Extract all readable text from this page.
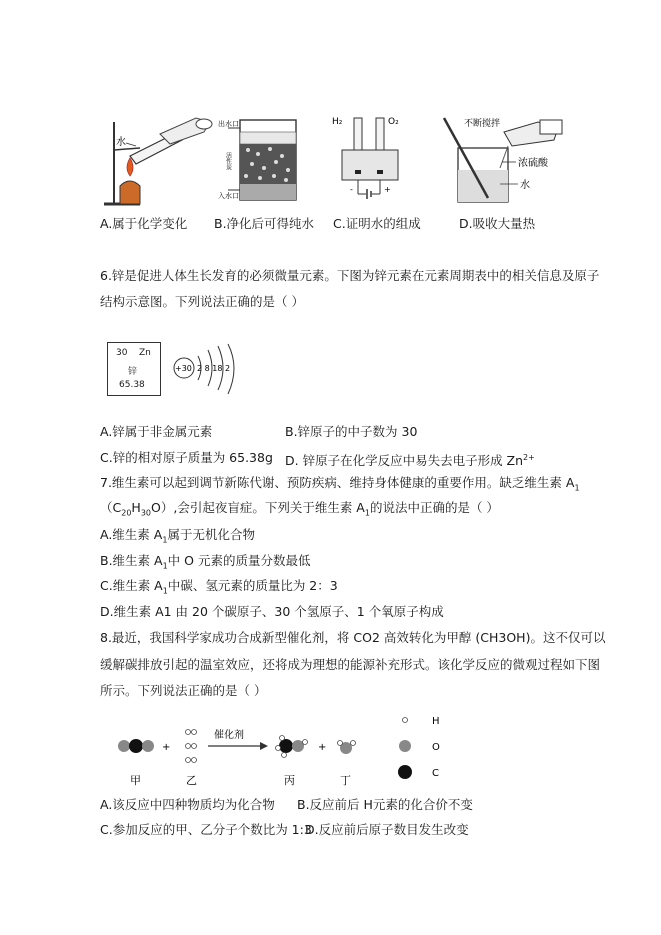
水
出水口
入水口
活性炭
H₂	O₂
-	+
不断搅拌
浓硫酸
水
A.属于化学变化 B.净化后可得纯水 C.证明水的组成	D.吸收大量热
6.锌是促进人体生长发育的必须微量元素。下图为锌元素在元素周期表中的相关信息及原子
结构示意图。下列说法正确的是（ ）
30 Zn
锌
65.38
+30 2 8 18 2
A.锌属于非金属元素	B.锌原子的中子数为 30
C.锌的相对原子质量为 65.38g D. 锌原子在化学反应中易失去电子形成 $Zn^{2+}$
7.维生素可以起到调节新陈代谢、预防疾病、维持身体健康的重要作用。缺乏维生素 $A_1$
$(C_{20}H_{30}O)$,会引起夜盲症。下列关于维生素 $A_1$的说法中正确的是（ ）
A.维生素 $A_1$属于无机化合物
B.维生素 $A_1$中 O 元素的质量分数最低
C.维生素 $A_1$中碳、氢元素的质量比为 2：3
D.维生素 A1 由 20 个碳原子、30 个氢原子、1 个氧原子构成
8.最近，我国科学家成功合成新型催化剂，将 CO2 高效转化为甲醇 (CH3OH)。这不仅可以
缓解碳排放引起的温室效应，还将成为理想的能源补充形式。该化学反应的微观过程如下图
所示。下列说法正确的是（ ）
+
催化剂
+
甲	乙	丙	丁
H
O
C
A.该反应中四种物质均为化合物 B.反应前后 H元素的化合价不变
C.参加反应的甲、乙分子个数比为 1:3
D.反应前后原子数目发生改变
